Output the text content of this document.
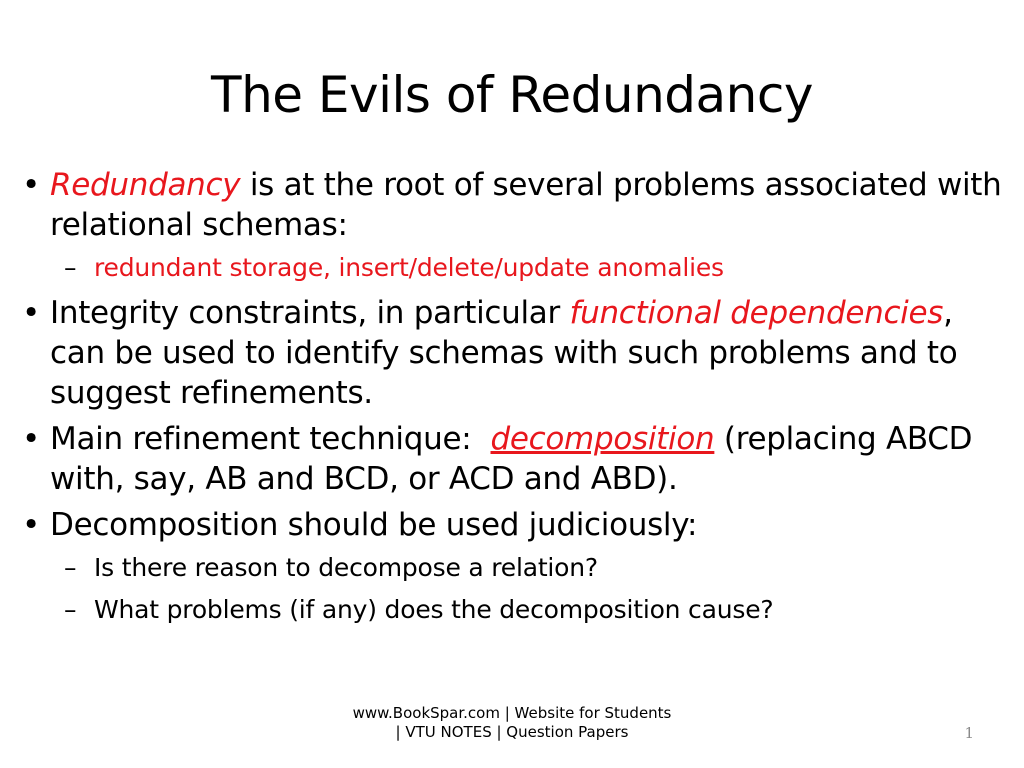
The Evils of Redundancy
• Redundancy is at the root of several problems associated with relational schemas:
– redundant storage, insert/delete/update anomalies
• Integrity constraints, in particular functional dependencies, can be used to identify schemas with such problems and to suggest refinements.
• Main refinement technique:  decomposition (replacing ABCD with, say, AB and BCD, or ACD and ABD).
• Decomposition should be used judiciously:
– Is there reason to decompose a relation?
– What problems (if any) does the decomposition cause?
www.BookSpar.com | Website for Students | VTU NOTES | Question Papers	1
